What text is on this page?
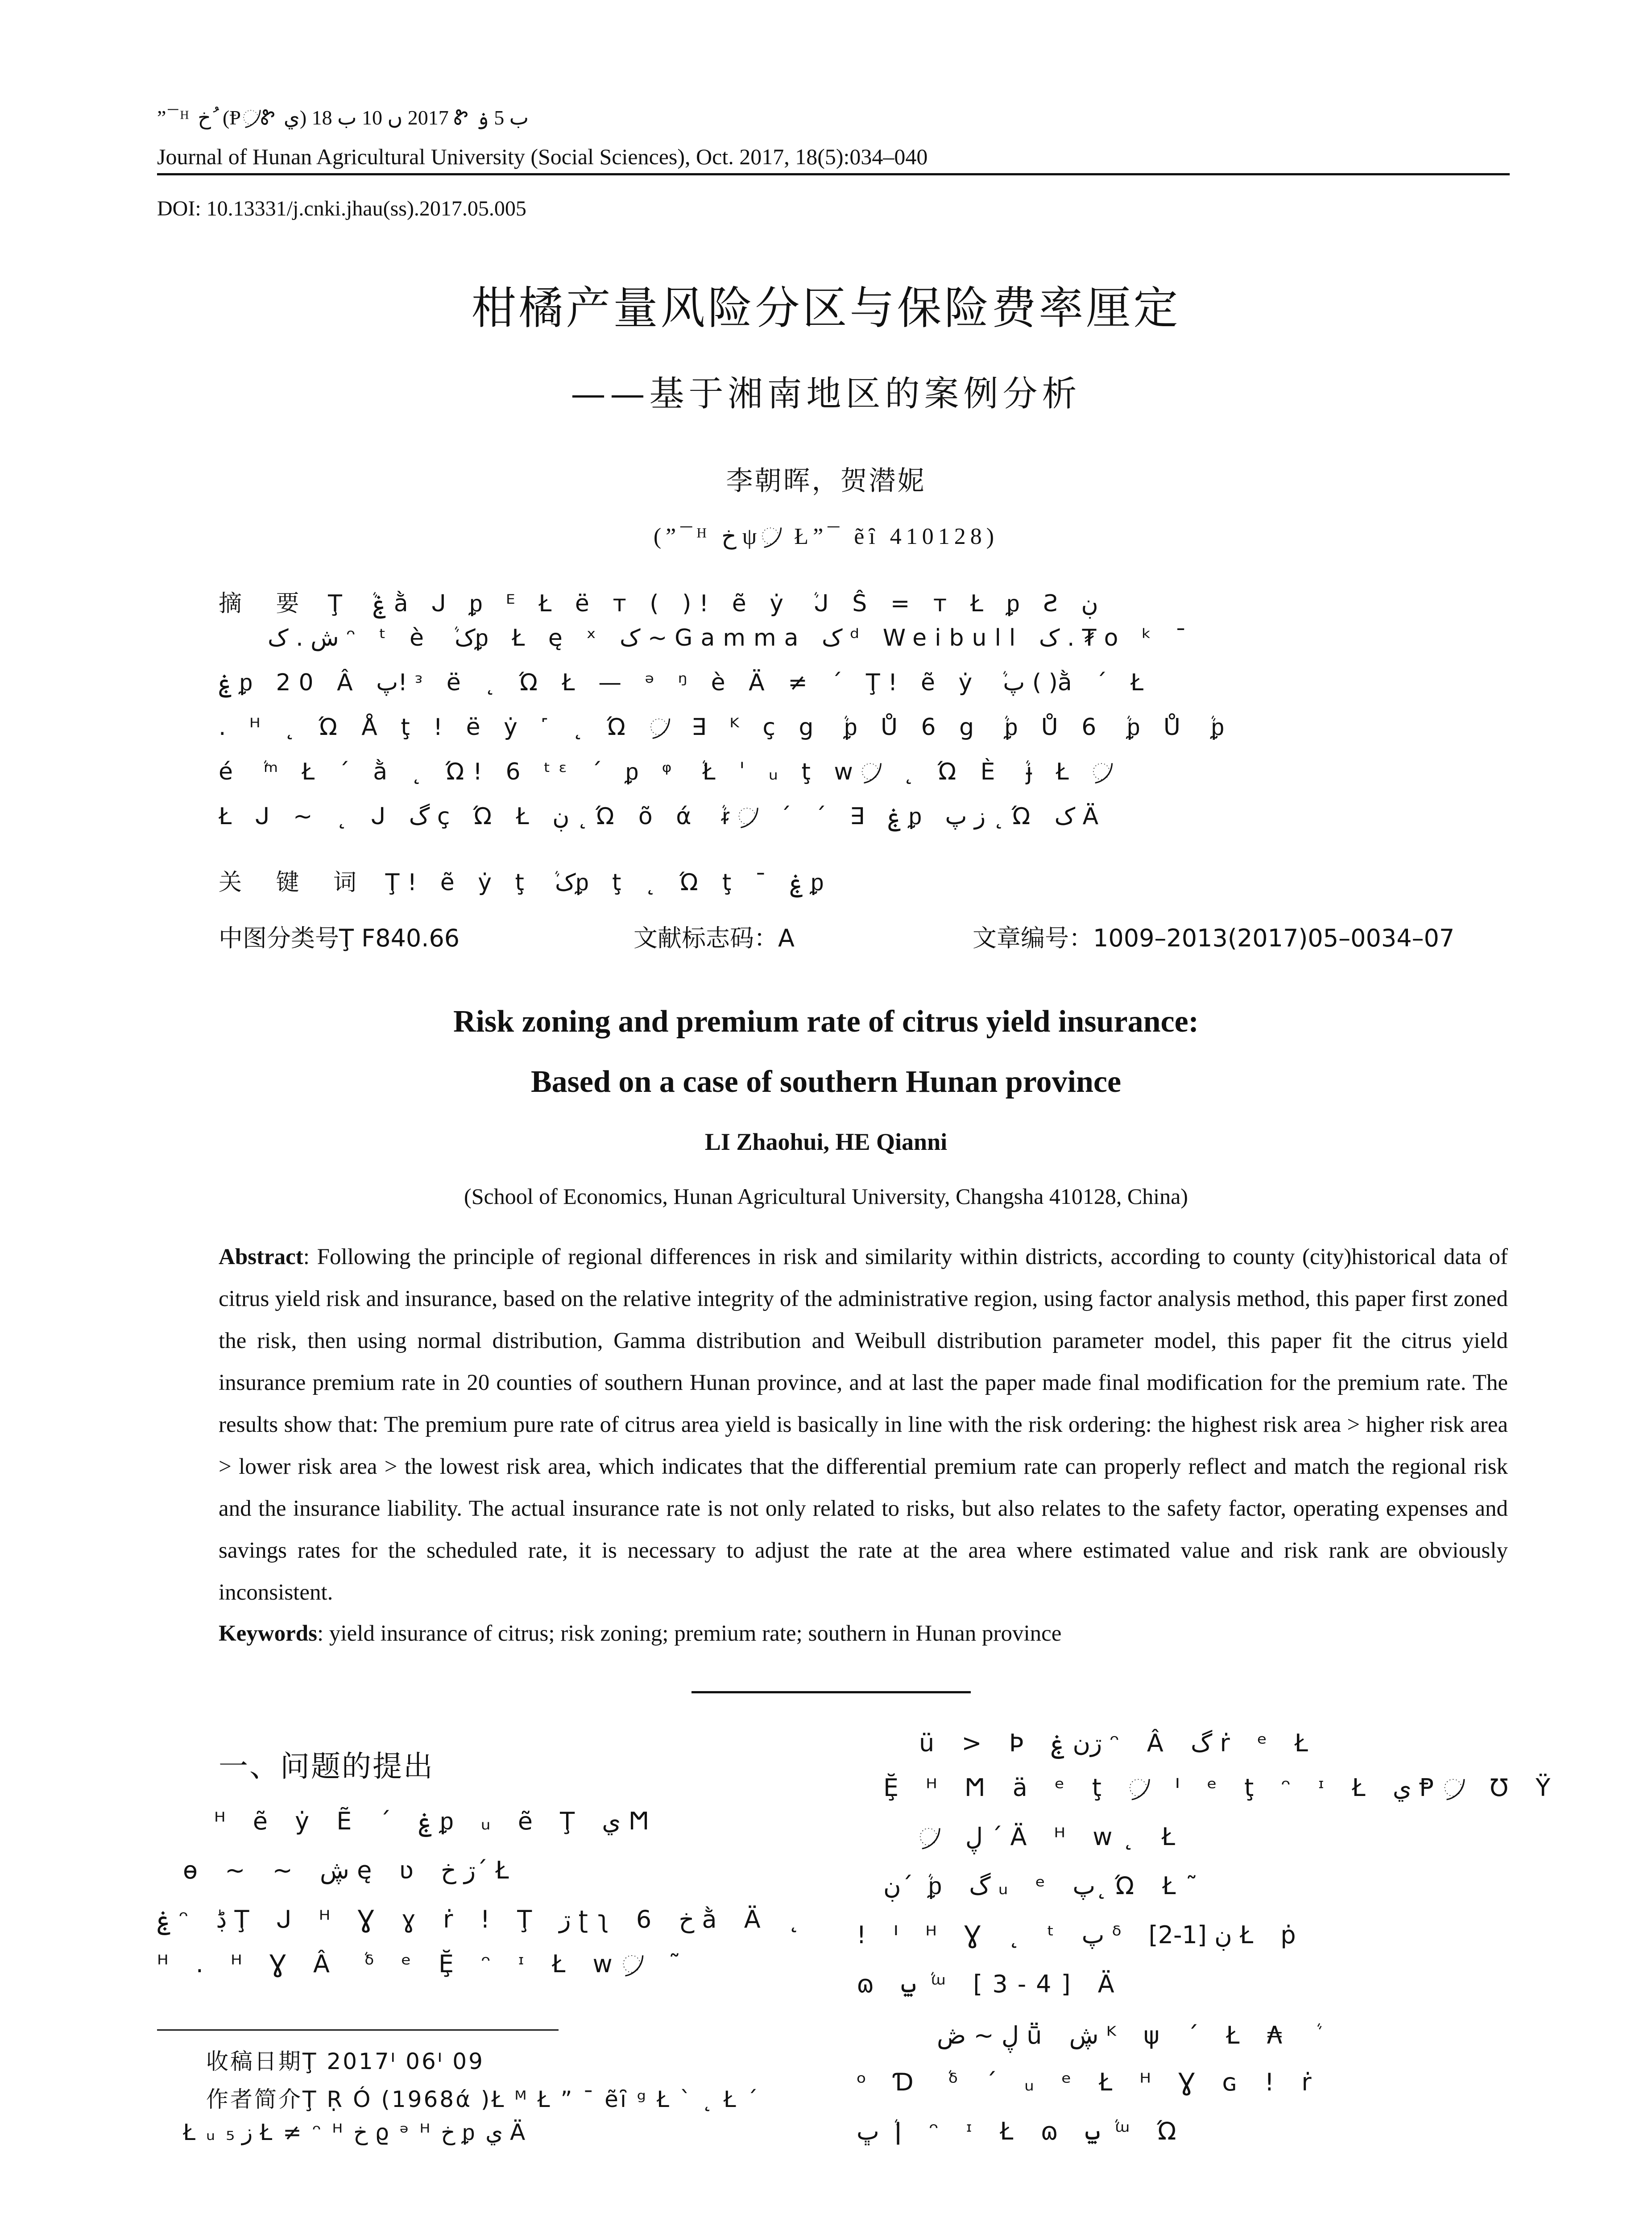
”¯ᴴ خ ُ (Ᵽ᜴Ꮡ ي) 2017 ں 10 ب 18 Ꮡ ب 5 ۏ
Journal of Hunan Agricultural University (Social Sciences), Oct. 2017, 18(5):034–040
DOI: 10.13331/j.cnki.jhau(ss).2017.05.005
柑橘产量风险分区与保险费率厘定
——基于湘南地区的案例分析
李朝晖，贺潜妮
(”¯ᴴ خ ψ᜴ Ł”¯ ẽȋ 410128)
摘 要 Ţ ܵ ۼ ằ ᒍ ᵱ ᴱ Ł ë ᴛ ( )! ẽ ẏ ܵ ᒍ Ŝ = ᴛ Ł ᵱ Ƨ ڹ
ش . ک ᵔ ᵗ è ܵ کᵱ Ł ę ˣ ک ~ Gamma ک ᵈ Weibull ک . ₮ o ᵏ ¯
ۼ ᵱ 20 Â ﭖ! ᵌ ë ˛ Ώ Ł — ᵊ ᵑ è Ä ≠ ˊ Ţ! ẽ ẏ ܵ ﭖ ( )ằ ˊ Ł
. ᴴ ˛ Ώ Å ţ ! ë ẏ ˹ ˛ Ώ ᜴ ∃ ᴷ ç g ܵ ᵱ Ů 6 g ܵ ᵱ Ů 6 ܵ ᵱ Ů ܵ ᵱ
é ܵ ᵐ Ł ˊ ằ ˛ Ώ! 6 ᵗᵋ ˊ ᵱ ᵠ ܵ Ł ˈ ᵤ ţ w᜴ ˛ Ώ È ܵ ɟ Ł ᜴
Ł ᒍ ~ ˛ ᒍ گ ç Ώ Ł ڹ ˛ Ώ õ ά ܵ ᵲ᜴ ˊ ˊ ∃ ۼ ᵱ ز ﭖ ˛ Ώ ک Ä
关 键 词 Ţ! ẽ ẏ ţ ܵ کᵱ ţ ˛ Ώ ţ ¯ ۼ ᵱ
中图分类号Ţ F840.66	文献标志码：A	文章编号：1009–2013(2017)05–0034–07
Risk zoning and premium rate of citrus yield insurance:
Based on a case of southern Hunan province
LI Zhaohui, HE Qianni
(School of Economics, Hunan Agricultural University, Changsha 410128, China)

Abstract: Following the principle of regional differences in risk and similarity within districts, according to county (city)historical data of citrus yield risk and insurance, based on the relative integrity of the administrative region, using factor analysis method, this paper first zoned the risk, then using normal distribution, Gamma distribution and Weibull distribution parameter model, this paper fit the citrus yield insurance premium rate in 20 counties of southern Hunan province, and at last the paper made final modification for the premium rate. The results show that: The premium pure rate of citrus area yield is basically in line with the risk ordering: the highest risk area > higher risk area > lower risk area > the lowest risk area, which indicates that the differential premium rate can properly reflect and match the regional risk and the insurance liability. The actual insurance rate is not only related to risks, but also relates to the safety factor, operating expenses and savings rates for the scheduled rate, it is necessary to adjust the rate at the area where estimated value and risk rank are obviously inconsistent.

Keywords: yield insurance of citrus; risk zoning; premium rate; southern in Hunan province

一、问题的提出
ᴴ ẽ ẏ Ẽ ˊ ۼ ᵱ ᵤ ẽ Ţ ي Ϻ
ɵ ~ ~ ڜ ę ʋ ڗ خˊ Ł
ۼ ᵔ ڋ Ţ ᒍ ᴴ Ɣ ɣ ṙ ! Ţ ڗ ʈʅ 6 خ ằ Ä ˛
ᴴ . ᴴ Ɣ Â ܵ ᵟ ᵉ Ḝ ᵔ ᶦ Ł w᜴ ˜
ü > Ϸ ڗن ۼ ᵔ Â گ ṙ ᵉ Ł
Ḝ ᴴ Ϻ ä ᵉ ţ ᜴ ᑊ ᵉ ţ ᵔ ᶦ Ł ي Ᵽ᜴ Ʊ Ÿ
᜴ ڸ ˊ Ä ᴴ w˛ Ł
ڹˊ ܵ ᵱ گ ᵤ ᵉ ﭖ˛ Ώ Ł˜
! ᑊ ᴴ Ɣ ˛ ᵗ ﭖ ᵟ ڹ [1-2] Ł ṗ
ɷ ݐ ܵ ᵚ [3-4] Ä
ڸ ~ ڞ ṻ ڜ ᴷ ψ ˊ Ł ₳ ܵ
ᵒ Ɗ ܵ ᵟ ˊ ᵤ ᵉ Ł ᴴ Ɣ ɢ ! ṙ
ڀ ܵ ǀ ᵔ ᶦ Ł ɷ ݐ ܵ ᵚ Ώ
收稿日期Ţ 2017ᑊ 06ᑊ 09
作者简介Ţ Ṛ Ó (1968ά )Ł ᴹ Ł ” ¯ ẽȋ ᵍ Ł ˋ ˛ Ł ˊ
Ł ᵤ ز ₅ Ł ≠ ᵔ ᴴ خ ϱ ᵊ ᴴ خ ᵱ ي Ä
